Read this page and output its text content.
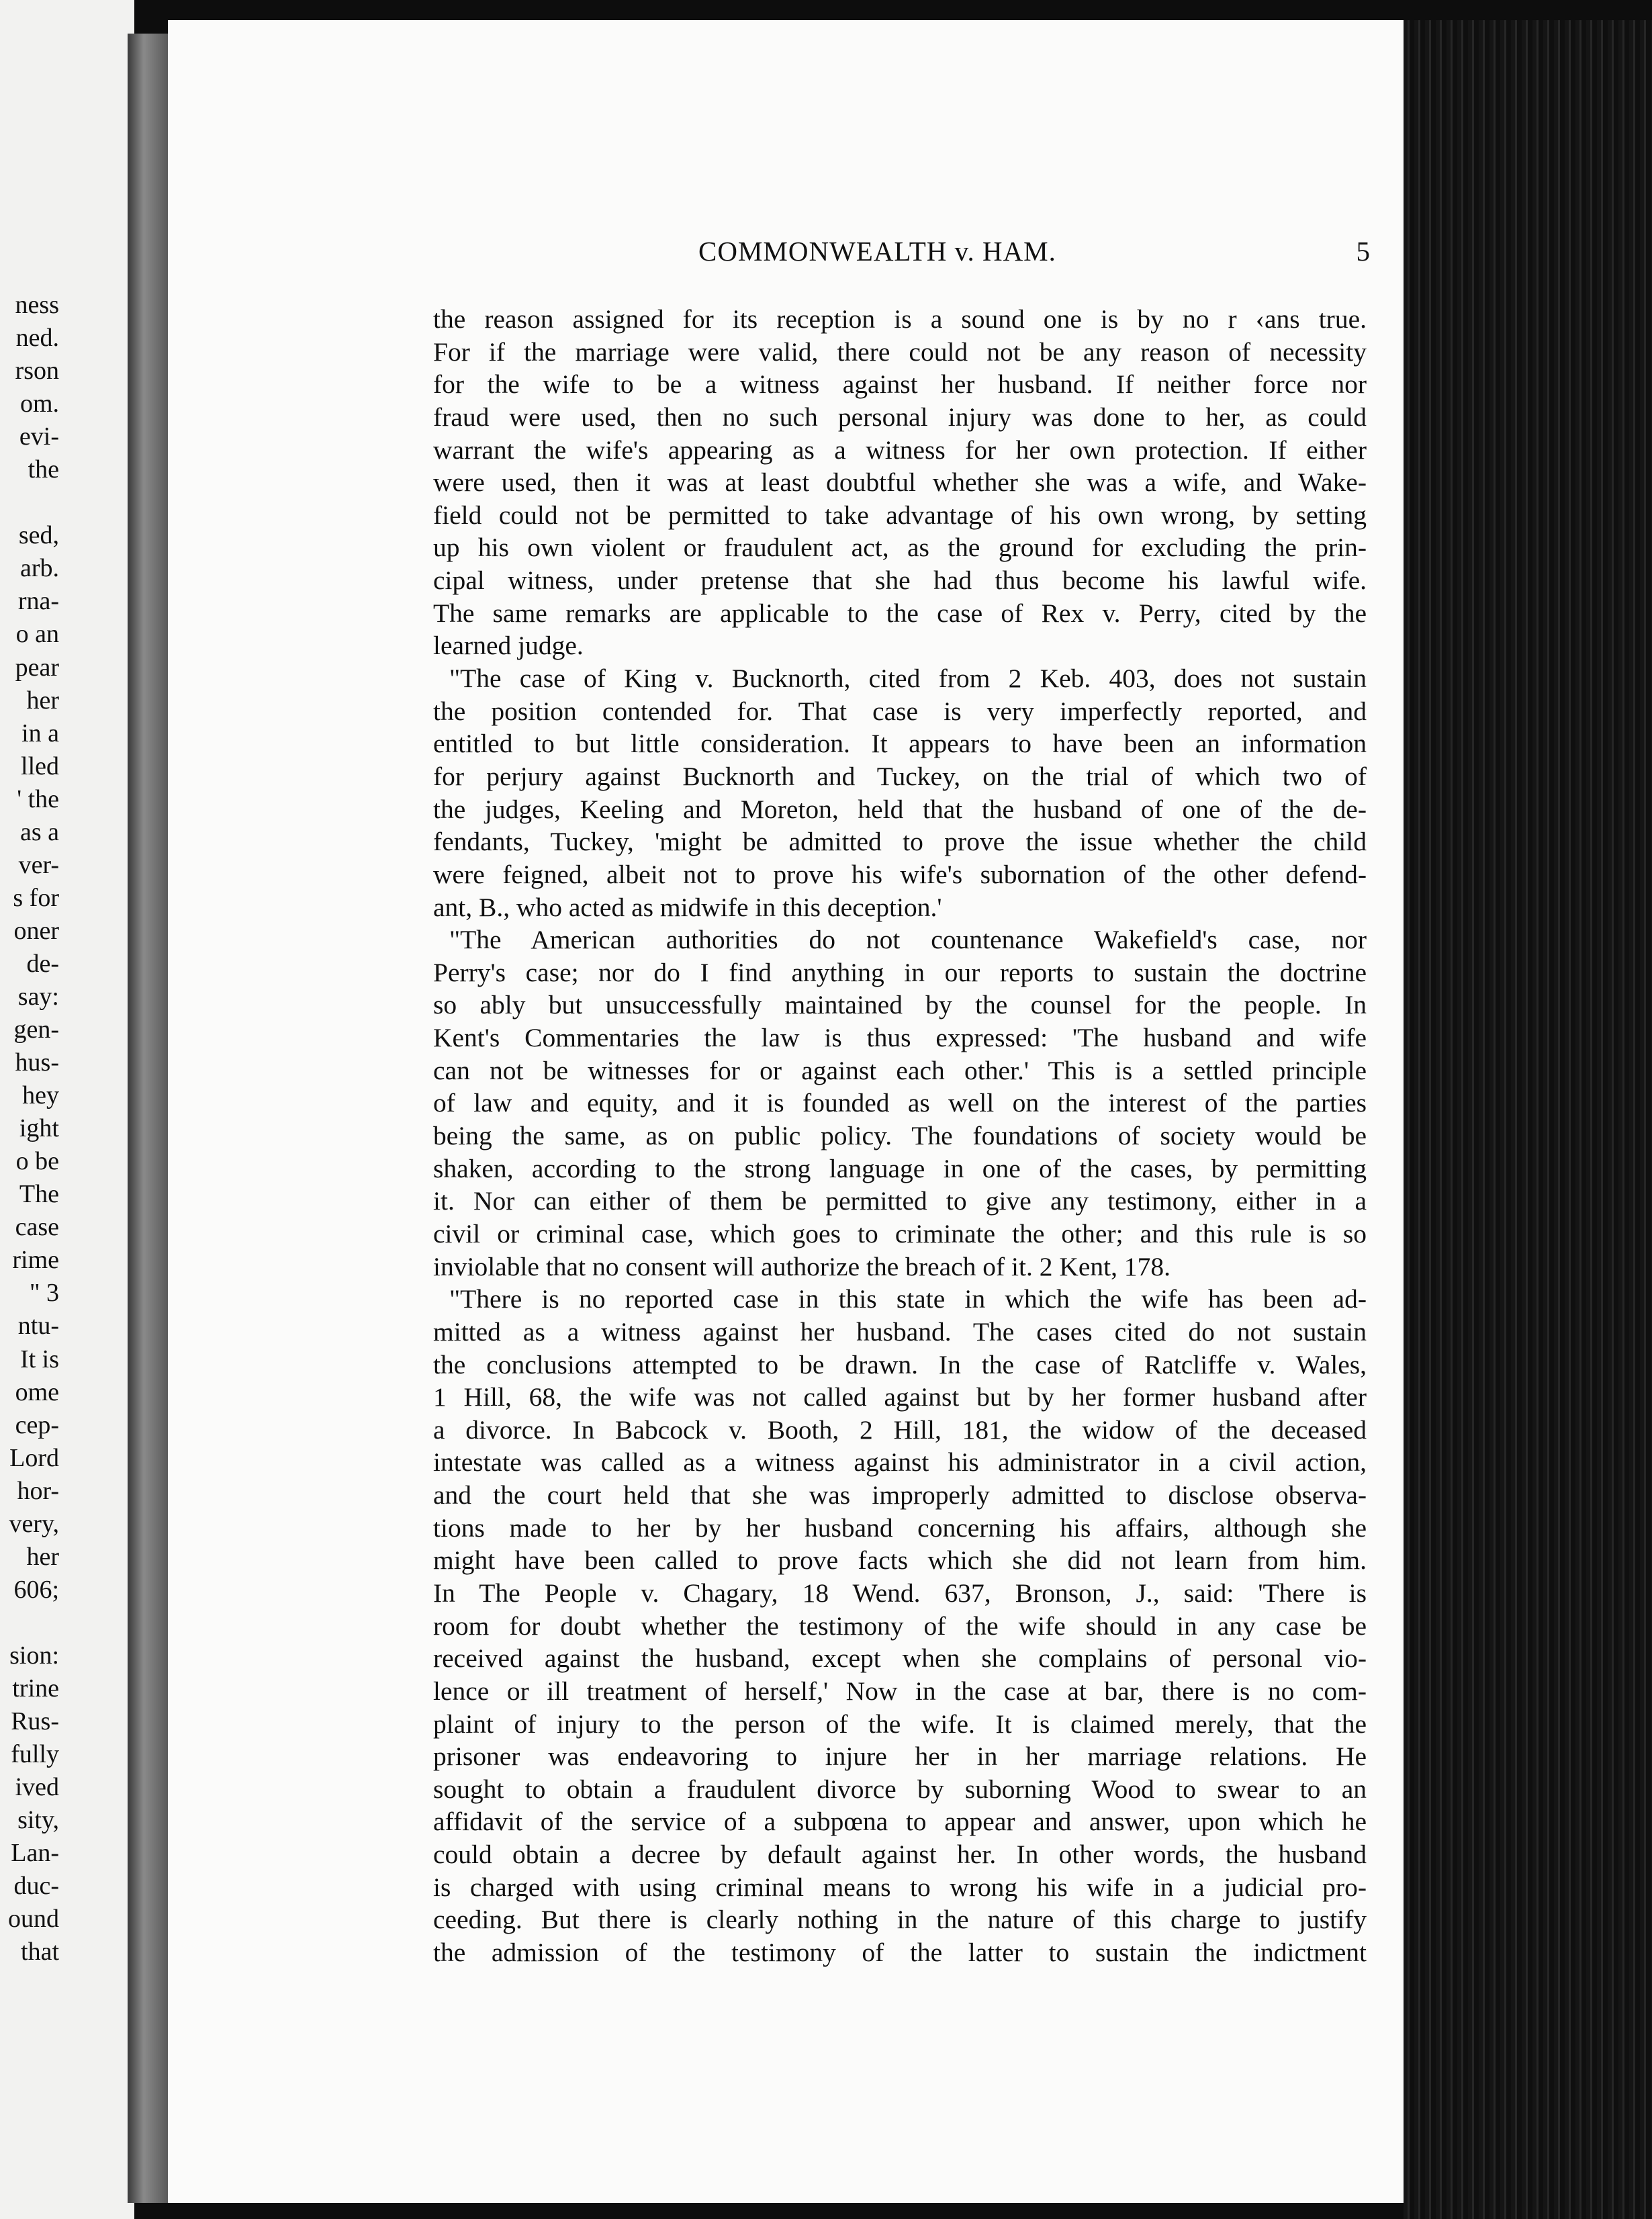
ness
ned.
rson
om.
evi-
the
sed,
arb.
rna-
o an
pear
her
in a
lled
' the
as a
ver-
s for
oner
de-
say:
gen-
hus-
hey
ight
o be
The
case
rime
" 3
ntu-
It is
ome
cep-
Lord
hor-
very,
her
606;
sion:
trine
Rus-
fully
ived
sity,
Lan-
duc-
ound
that
COMMONWEALTH v. HAM.	5
the reason assigned for its reception is a sound one is by no r ‹ans true.
For if the marriage were valid, there could not be any reason of necessity
for the wife to be a witness against her husband. If neither force nor
fraud were used, then no such personal injury was done to her, as could
warrant the wife's appearing as a witness for her own protection. If either
were used, then it was at least doubtful whether she was a wife, and Wake-
field could not be permitted to take advantage of his own wrong, by setting
up his own violent or fraudulent act, as the ground for excluding the prin-
cipal witness, under pretense that she had thus become his lawful wife.
The same remarks are applicable to the case of Rex v. Perry, cited by the
learned judge.
"The case of King v. Bucknorth, cited from 2 Keb. 403, does not sustain
the position contended for. That case is very imperfectly reported, and
entitled to but little consideration. It appears to have been an information
for perjury against Bucknorth and Tuckey, on the trial of which two of
the judges, Keeling and Moreton, held that the husband of one of the de-
fendants, Tuckey, 'might be admitted to prove the issue whether the child
were feigned, albeit not to prove his wife's subornation of the other defend-
ant, B., who acted as midwife in this deception.'
"The American authorities do not countenance Wakefield's case, nor
Perry's case; nor do I find anything in our reports to sustain the doctrine
so ably but unsuccessfully maintained by the counsel for the people. In
Kent's Commentaries the law is thus expressed: 'The husband and wife
can not be witnesses for or against each other.' This is a settled principle
of law and equity, and it is founded as well on the interest of the parties
being the same, as on public policy. The foundations of society would be
shaken, according to the strong language in one of the cases, by permitting
it. Nor can either of them be permitted to give any testimony, either in a
civil or criminal case, which goes to criminate the other; and this rule is so
inviolable that no consent will authorize the breach of it. 2 Kent, 178.
"There is no reported case in this state in which the wife has been ad-
mitted as a witness against her husband. The cases cited do not sustain
the conclusions attempted to be drawn. In the case of Ratcliffe v. Wales,
1 Hill, 68, the wife was not called against but by her former husband after
a divorce. In Babcock v. Booth, 2 Hill, 181, the widow of the deceased
intestate was called as a witness against his administrator in a civil action,
and the court held that she was improperly admitted to disclose observa-
tions made to her by her husband concerning his affairs, although she
might have been called to prove facts which she did not learn from him.
In The People v. Chagary, 18 Wend. 637, Bronson, J., said: 'There is
room for doubt whether the testimony of the wife should in any case be
received against the husband, except when she complains of personal vio-
lence or ill treatment of herself,' Now in the case at bar, there is no com-
plaint of injury to the person of the wife. It is claimed merely, that the
prisoner was endeavoring to injure her in her marriage relations. He
sought to obtain a fraudulent divorce by suborning Wood to swear to an
affidavit of the service of a subpœna to appear and answer, upon which he
could obtain a decree by default against her. In other words, the husband
is charged with using criminal means to wrong his wife in a judicial pro-
ceeding. But there is clearly nothing in the nature of this charge to justify
the admission of the testimony of the latter to sustain the indictment
